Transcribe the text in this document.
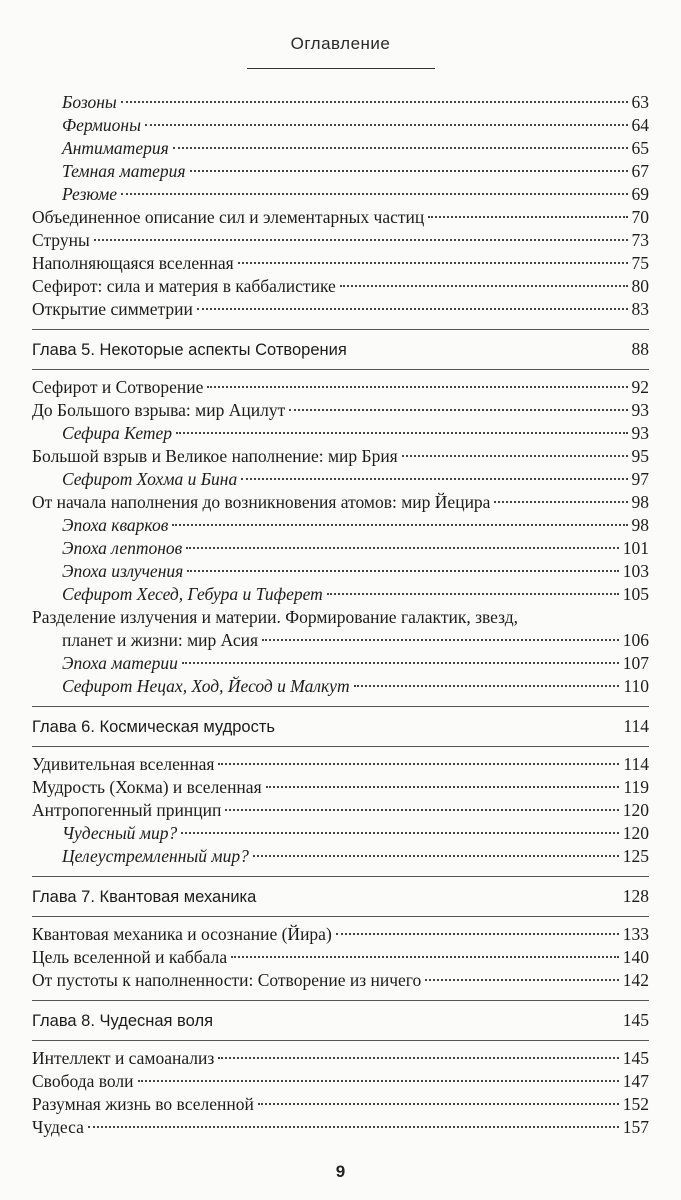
Оглавление
Бозоны	63
Фермионы	64
Антиматерия	65
Темная материя	67
Резюме	69
Объединенное описание сил и элементарных частиц	70
Струны	73
Наполняющаяся вселенная	75
Сефирот: сила и материя в каббалистике	80
Открытие симметрии	83
Глава 5. Некоторые аспекты Сотворения	88
Сефирот и Сотворение	92
До Большого взрыва: мир Ацилут	93
Сефира Кетер	93
Большой взрыв и Великое наполнение: мир Брия	95
Сефирот Хохма и Бина	97
От начала наполнения до возникновения атомов: мир Йецира	98
Эпоха кварков	98
Эпоха лептонов	101
Эпоха излучения	103
Сефирот Хесед, Гебура и Тиферет	105
Разделение излучения и материи. Формирование галактик, звезд,
планет и жизни: мир Асия	106
Эпоха материи	107
Сефирот Нецах, Ход, Йесод и Малкут	110
Глава 6. Космическая мудрость	114
Удивительная вселенная	114
Мудрость (Хокма) и вселенная	119
Антропогенный принцип	120
Чудесный мир?	120
Целеустремленный мир?	125
Глава 7. Квантовая механика	128
Квантовая механика и осознание (Йира)	133
Цель вселенной и каббала	140
От пустоты к наполненности: Сотворение из ничего	142
Глава 8. Чудесная воля	145
Интеллект и самоанализ	145
Свобода воли	147
Разумная жизнь во вселенной	152
Чудеса	157
9
